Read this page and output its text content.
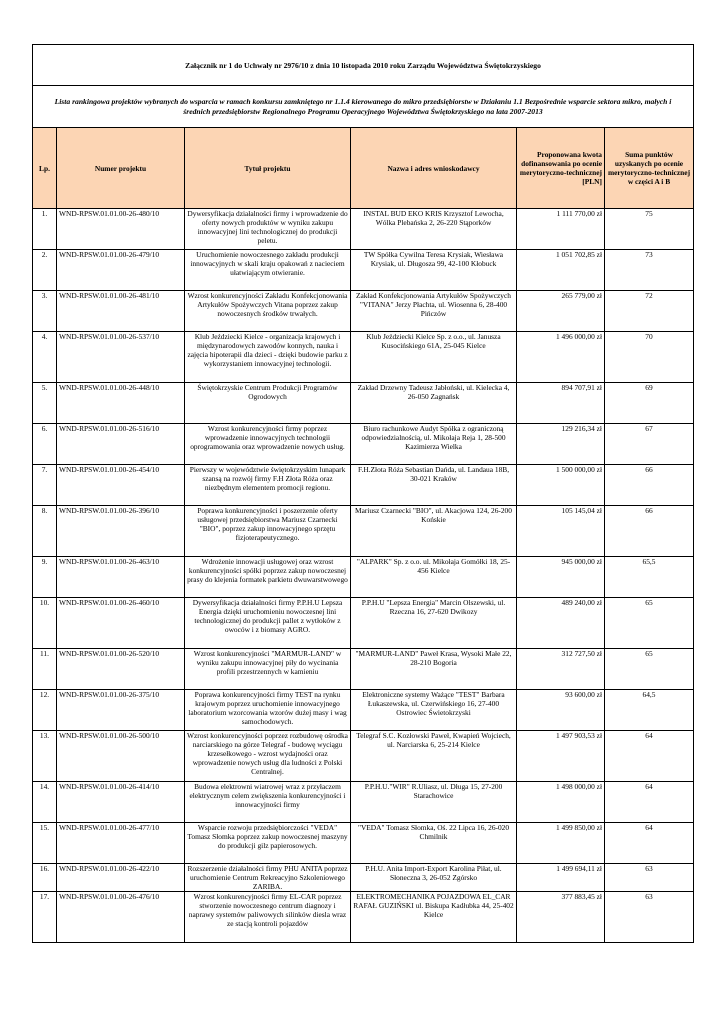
Załącznik nr 1 do Uchwały nr 2976/10 z dnia 10 listopada 2010 roku Zarządu Województwa Świętokrzyskiego					
Lista rankingowa projektów wybranych do wsparcia w ramach konkursu zamkniętego nr 1.1.4 kierowanego do mikro przedsiębiorstw w Działaniu 1.1 Bezpośrednie wsparcie sektora mikro, małych i średnich przedsiębiorstw Regionalnego Programu Operacyjnego Województwa Świętokrzyskiego na lata 2007-2013					
Lp.	Numer projektu	Tytuł projektu	Nazwa i adres wnioskodawcy	Proponowana kwota dofinansowania po ocenie merytoryczno-technicznej [PLN]	Suma punktów uzyskanych po ocenie merytoryczno-technicznej w części A i B
1.	WND-RPSW.01.01.00-26-480/10	Dywersyfikacja działalności firmy i wprowadzenie do oferty nowych produktów w wyniku zakupu innowacyjnej lini technologicznej do produkcji peletu.	INSTAL BUD EKO KRIS Krzysztof Lewocha, Wólka Plebańska 2, 26-220 Stąporków	1 111 770,00 zł	75
2.	WND-RPSW.01.01.00-26-479/10	Uruchomienie nowoczesnego zakładu produkcji innowacyjnych w skali kraju opakowań z nacieciem ułatwiającym otwieranie.	TW Spółka Cywilna Teresa Krysiak, Wiesława Krysiak, ul. Długosza 99, 42-100 Kłobuck	1 051 702,85 zł	73
3.	WND-RPSW.01.01.00-26-481/10	Wzrost konkurencyjności Zakładu Konfekcjonowania Artykułów Spożywczych Vitana poprzez zakup nowoczesnych środków trwałych.	Zakład Konfekcjonowania Artykułów Spożywczych "VITANA" Jerzy Płachta, ul. Wiosenna 6, 28-400 Pińczów	265 779,00 zł	72
4.	WND-RPSW.01.01.00-26-537/10	Klub Jeździecki Kielce - organizacja krajowych i międzynarodowych zawodów konnych, nauka i zajęcia hipoterapii dla dzieci - dzięki budowie parku z wykorzystaniem innowacyjnej technologii.	Klub Jeździecki Kielce Sp. z o.o., ul. Janusza Kusocińskiego 61A, 25-045 Kielce	1 496 000,00 zł	70
5.	WND-RPSW.01.01.00-26-448/10	Świętokrzyskie Centrum Produkcji Programów Ogrodowych	Zakład Drzewny Tadeusz Jabłoński, ul. Kielecka 4, 26-050 Zagnańsk	894 707,91 zł	69
6.	WND-RPSW.01.01.00-26-516/10	Wzrost konkurencyjności firmy poprzez wprowadzenie innowacyjnych technologii oprogramowania oraz wprowadzenie nowych usług.	Biuro rachunkowe Audyt Spółka z ograniczoną odpowiedzialnością, ul. Mikołaja Reja 1, 28-500 Kazimierza Wielka	129 216,34 zł	67
7.	WND-RPSW.01.01.00-26-454/10	Pierwszy w województwie świętokrzyskim lunapark szansą na rozwój firmy F.H Złota Róża oraz niezbędnym elementem promocji regionu.	F.H.Złota Róża Sebastian Dańda, ul. Landaua 18B, 30-021 Kraków	1 500 000,00 zł	66
8.	WND-RPSW.01.01.00-26-396/10	Poprawa konkurencyjności i poszerzenie oferty usługowej przedsiębiorstwa Mariusz Czarnecki "BIO", poprzez zakup innowacyjnego sprzętu fizjoterapeutycznego.	Mariusz Czarnecki "BIO", ul. Akacjowa 124, 26-200 Końskie	105 145,04 zł	66
9.	WND-RPSW.01.01.00-26-463/10	Wdrożenie innowacji usługowej oraz wzrost konkurencyjności spółki poprzez zakup nowoczesnej prasy do klejenia formatek parkietu dwuwarstwowego	"ALPARK" Sp. z o.o. ul. Mikołaja Gomółki 18, 25-456 Kielce	945 000,00 zł	65,5
10.	WND-RPSW.01.01.00-26-460/10	Dywersyfikacja działalności firmy P.P.H.U Lepsza Energia dzięki uruchomieniu nowoczesnej lini technologicznej do produkcji pallet z wytłoków z owoców i z biomasy AGRO.	P.P.H.U "Lepsza Energia" Marcin Olszewski, ul. Rzeczna 16, 27-620 Dwikozy	489 240,00 zł	65
11.	WND-RPSW.01.01.00-26-520/10	Wzrost konkurencyjności "MARMUR-LAND" w wyniku zakupu innowacyjnej piły do wycinania profili przestrzennych w kamieniu	"MARMUR-LAND" Paweł Krasa, Wysoki Małe 22, 28-210 Bogoria	312 727,50 zł	65
12.	WND-RPSW.01.01.00-26-375/10	Poprawa konkurencyjności firmy TEST na rynku krajowym poprzez uruchomienie innowacyjnego laboratorium wzorcowania wzorów dużej masy i wag samochodowych.	Elektroniczne systemy Ważące "TEST" Barbara Łukaszewska, ul. Czerwińskiego 16, 27-400 Ostrowiec Świetokrzyski	93 600,00 zł	64,5
13.	WND-RPSW.01.01.00-26-500/10	Wzrost konkurencyjności poprzez rozbudowę ośrodka narciarskiego na górze Telegraf - budowę wyciągu krzesełkowego - wzrost wydajności oraz wprowadzenie nowych usług dla ludności z Polski Centralnej.	Telegraf S.C. Kozłowski Paweł, Kwapień Wojciech, ul. Narciarska 6, 25-214 Kielce	1 497 903,53 zł	64
14.	WND-RPSW.01.01.00-26-414/10	Budowa elektrowni wiatrowej wraz z przyłaczem elektrycznym celem zwiększenia konkurencyjności i innowacyjności firmy	P.P.H.U."WIR" R.Uliasz, ul. Długa 15, 27-200 Starachowice	1 498 000,00 zł	64
15.	WND-RPSW.01.01.00-26-477/10	Wsparcie rozwoju przedsiębiorczości "VEDA" Tomasz Słomka poprzez zakup nowoczesnej maszyny do produkcji gilz papierosowych.	"VEDA" Tomasz Słomka, Oś. 22 Lipca 16, 26-020 Chmilnik	1 499 850,00 zł	64
16.	WND-RPSW.01.01.00-26-422/10	Rozszerzenie działalności firmy PHU ANITA poprzez uruchomienie Centrum Rekreacyjno Szkoleniowego ZARIBA.	P.H.U. Anita Import-Export Karolina Piłat, ul. Słoneczna 3, 26-052 Zgórsko	1 499 694,11 zł	63
17.	WND-RPSW.01.01.00-26-476/10	Wzrost konkurencyjności firmy EL-CAR poprzez stworzenie nowoczesnego centrum diagnozy i naprawy systemów paliwowych silinków diesla wraz ze stacją kontroli pojazdów	ELEKTROMECHANIKA POJAZDOWA EL_CAR RAFAŁ GUZIŃSKI ul. Biskupa Kadłubka 44, 25-402 Kielce	377 883,45 zł	63
